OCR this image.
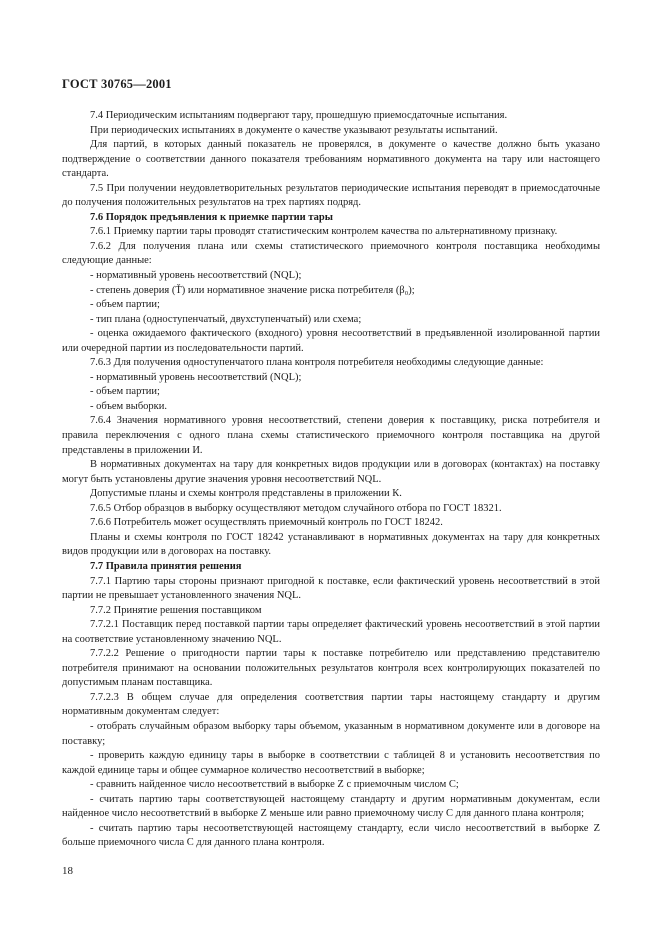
ГОСТ 30765—2001

7.4 Периодическим испытаниям подвергают тару, прошедшую приемосдаточные испытания.

При периодических испытаниях в документе о качестве указывают результаты испытаний.

Для партий, в которых данный показатель не проверялся, в документе о качестве должно быть указано подтверждение о соответствии данного показателя требованиям нормативного документа на тару или настоящего стандарта.

7.5 При получении неудовлетворительных результатов периодические испытания переводят в приемосдаточные до получения положительных результатов на трех партиях подряд.

7.6 Порядок предъявления к приемке партии тары

7.6.1 Приемку партии тары проводят статистическим контролем качества по альтернативному признаку.

7.6.2 Для получения плана или схемы статистического приемочного контроля поставщика необходимы следующие данные:

- нормативный уровень несоответствий (NQL);

- степень доверия (Ť) или нормативное значение риска потребителя (β₀);

- объем партии;

- тип плана (одноступенчатый, двухступенчатый) или схема;

- оценка ожидаемого фактического (входного) уровня несоответствий в предъявленной изолированной партии или очередной партии из последовательности партий.

7.6.3 Для получения одноступенчатого плана контроля потребителя необходимы следующие данные:

- нормативный уровень несоответствий (NQL);

- объем партии;

- объем выборки.

7.6.4 Значения нормативного уровня несоответствий, степени доверия к поставщику, риска потребителя и правила переключения с одного плана схемы статистического приемочного контроля поставщика на другой представлены в приложении И.

В нормативных документах на тару для конкретных видов продукции или в договорах (контактах) на поставку могут быть установлены другие значения уровня несоответствий NQL.

Допустимые планы и схемы контроля представлены в приложении К.

7.6.5 Отбор образцов в выборку осуществляют методом случайного отбора по ГОСТ 18321.

7.6.6 Потребитель может осуществлять приемочный контроль по ГОСТ 18242.

Планы и схемы контроля по ГОСТ 18242 устанавливают в нормативных документах на тару для конкретных видов продукции или в договорах на поставку.

7.7 Правила принятия решения

7.7.1 Партию тары стороны признают пригодной к поставке, если фактический уровень несоответствий в этой партии не превышает установленного значения NQL.

7.7.2 Принятие решения поставщиком

7.7.2.1 Поставщик перед поставкой партии тары определяет фактический уровень несоответствий в этой партии на соответствие установленному значению NQL.

7.7.2.2 Решение о пригодности партии тары к поставке потребителю или представлению представителю потребителя принимают на основании положительных результатов контроля всех контролирующих показателей по допустимым планам поставщика.

7.7.2.3 В общем случае для определения соответствия партии тары настоящему стандарту и другим нормативным документам следует:

- отобрать случайным образом выборку тары объемом, указанным в нормативном документе или в договоре на поставку;

- проверить каждую единицу тары в выборке в соответствии с таблицей 8 и установить несоответствия по каждой единице тары и общее суммарное количество несоответствий в выборке;

- сравнить найденное число несоответствий в выборке Z с приемочным числом C;

- считать партию тары соответствующей настоящему стандарту и другим нормативным документам, если найденное число несоответствий в выборке Z меньше или равно приемочному числу C для данного плана контроля;

- считать партию тары несоответствующей настоящему стандарту, если число несоответствий в выборке Z больше приемочного числа C для данного плана контроля.

18
